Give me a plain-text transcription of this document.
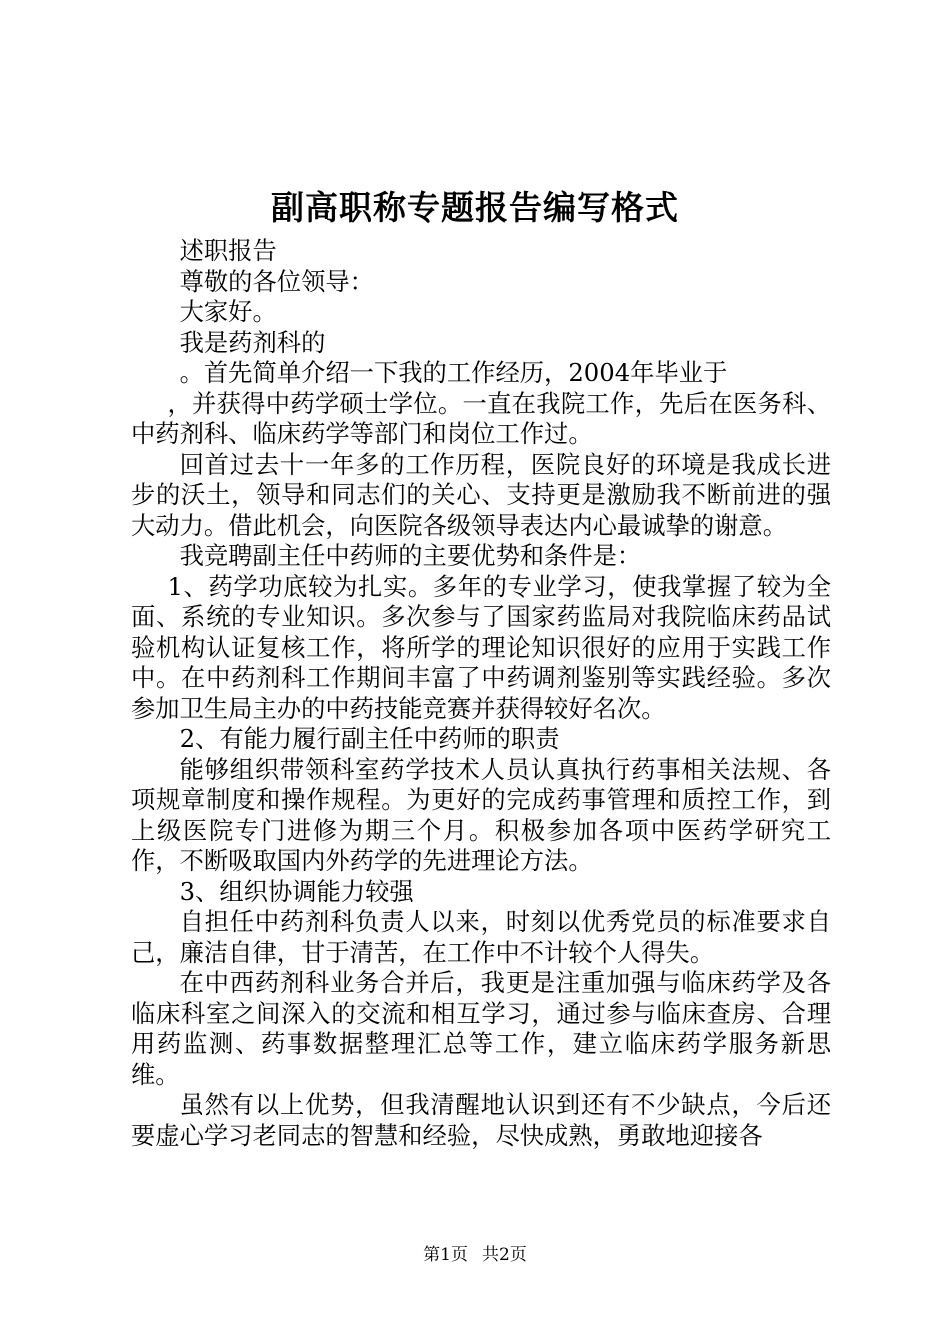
副高职称专题报告编写格式

述职报告

尊敬的各位领导：

大家好。

我是药剂科的

。首先简单介绍一下我的工作经历，2004年毕业于

，并获得中药学硕士学位。一直在我院工作，先后在医务科、中药剂科、临床药学等部门和岗位工作过。

回首过去十一年多的工作历程，医院良好的环境是我成长进步的沃土，领导和同志们的关心、支持更是激励我不断前进的强大动力。借此机会，向医院各级领导表达内心最诚挚的谢意。

我竞聘副主任中药师的主要优势和条件是：

1、药学功底较为扎实。多年的专业学习，使我掌握了较为全面、系统的专业知识。多次参与了国家药监局对我院临床药品试验机构认证复核工作，将所学的理论知识很好的应用于实践工作中。在中药剂科工作期间丰富了中药调剂鉴别等实践经验。多次参加卫生局主办的中药技能竞赛并获得较好名次。

2、有能力履行副主任中药师的职责

能够组织带领科室药学技术人员认真执行药事相关法规、各项规章制度和操作规程。为更好的完成药事管理和质控工作，到上级医院专门进修为期三个月。积极参加各项中医药学研究工作，不断吸取国内外药学的先进理论方法。

3、组织协调能力较强

自担任中药剂科负责人以来，时刻以优秀党员的标准要求自己，廉洁自律，甘于清苦，在工作中不计较个人得失。

在中西药剂科业务合并后，我更是注重加强与临床药学及各临床科室之间深入的交流和相互学习，通过参与临床查房、合理用药监测、药事数据整理汇总等工作，建立临床药学服务新思维。

虽然有以上优势，但我清醒地认识到还有不少缺点，今后还要虚心学习老同志的智慧和经验，尽快成熟，勇敢地迎接各

第1页 共2页
